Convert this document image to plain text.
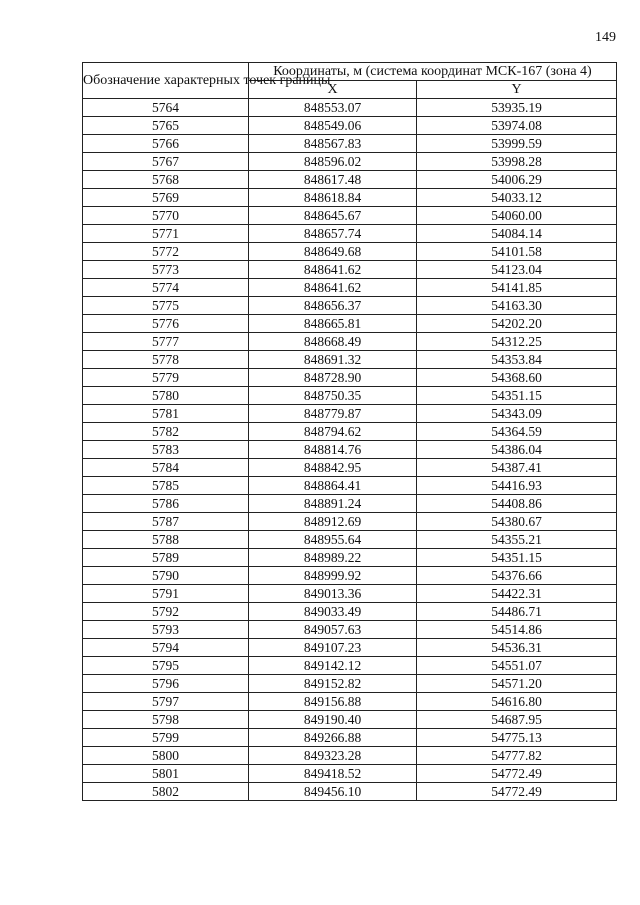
149
Обозначение характерных точек границы	Координаты, м (система координат МСК-167 (зона 4)	
	X	Y
5764	848553.07	53935.19
5765	848549.06	53974.08
5766	848567.83	53999.59
5767	848596.02	53998.28
5768	848617.48	54006.29
5769	848618.84	54033.12
5770	848645.67	54060.00
5771	848657.74	54084.14
5772	848649.68	54101.58
5773	848641.62	54123.04
5774	848641.62	54141.85
5775	848656.37	54163.30
5776	848665.81	54202.20
5777	848668.49	54312.25
5778	848691.32	54353.84
5779	848728.90	54368.60
5780	848750.35	54351.15
5781	848779.87	54343.09
5782	848794.62	54364.59
5783	848814.76	54386.04
5784	848842.95	54387.41
5785	848864.41	54416.93
5786	848891.24	54408.86
5787	848912.69	54380.67
5788	848955.64	54355.21
5789	848989.22	54351.15
5790	848999.92	54376.66
5791	849013.36	54422.31
5792	849033.49	54486.71
5793	849057.63	54514.86
5794	849107.23	54536.31
5795	849142.12	54551.07
5796	849152.82	54571.20
5797	849156.88	54616.80
5798	849190.40	54687.95
5799	849266.88	54775.13
5800	849323.28	54777.82
5801	849418.52	54772.49
5802	849456.10	54772.49
